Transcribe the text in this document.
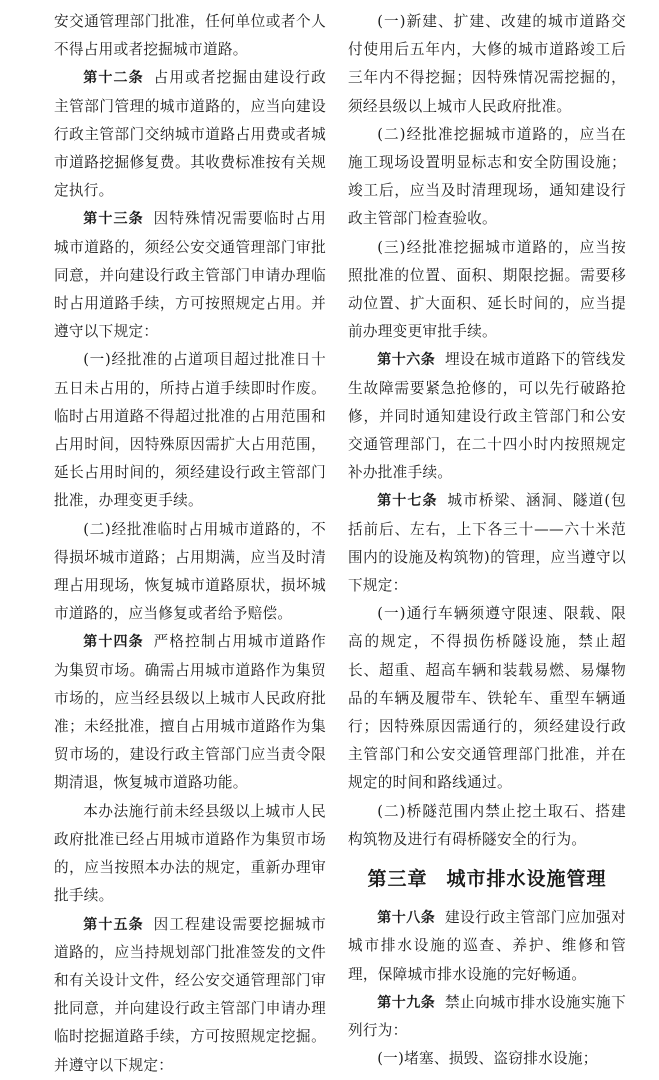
安交通管理部门批准，任何单位或者个人不得占用或者挖掘城市道路。

第十二条 占用或者挖掘由建设行政主管部门管理的城市道路的，应当向建设行政主管部门交纳城市道路占用费或者城市道路挖掘修复费。其收费标准按有关规定执行。

第十三条 因特殊情况需要临时占用城市道路的，须经公安交通管理部门审批同意，并向建设行政主管部门申请办理临时占用道路手续，方可按照规定占用。并遵守以下规定：

(一)经批准的占道项目超过批准日十五日未占用的，所持占道手续即时作废。临时占用道路不得超过批准的占用范围和占用时间，因特殊原因需扩大占用范围，延长占用时间的，须经建设行政主管部门批准，办理变更手续。

(二)经批准临时占用城市道路的，不得损坏城市道路；占用期满，应当及时清理占用现场，恢复城市道路原状，损坏城市道路的，应当修复或者给予赔偿。

第十四条 严格控制占用城市道路作为集贸市场。确需占用城市道路作为集贸市场的，应当经县级以上城市人民政府批准；未经批准，擅自占用城市道路作为集贸市场的，建设行政主管部门应当责令限期清退，恢复城市道路功能。

本办法施行前未经县级以上城市人民政府批准已经占用城市道路作为集贸市场的，应当按照本办法的规定，重新办理审批手续。

第十五条 因工程建设需要挖掘城市道路的，应当持规划部门批准签发的文件和有关设计文件，经公安交通管理部门审批同意，并向建设行政主管部门申请办理临时挖掘道路手续，方可按照规定挖掘。并遵守以下规定：

(一)新建、扩建、改建的城市道路交付使用后五年内，大修的城市道路竣工后三年内不得挖掘；因特殊情况需挖掘的，须经县级以上城市人民政府批准。

(二)经批准挖掘城市道路的，应当在施工现场设置明显标志和安全防围设施；竣工后，应当及时清理现场，通知建设行政主管部门检查验收。

(三)经批准挖掘城市道路的，应当按照批准的位置、面积、期限挖掘。需要移动位置、扩大面积、延长时间的，应当提前办理变更审批手续。

第十六条 埋设在城市道路下的管线发生故障需要紧急抢修的，可以先行破路抢修，并同时通知建设行政主管部门和公安交通管理部门，在二十四小时内按照规定补办批准手续。

第十七条 城市桥梁、涵洞、隧道(包括前后、左右，上下各三十——六十米范围内的设施及构筑物)的管理，应当遵守以下规定：

(一)通行车辆须遵守限速、限载、限高的规定，不得损伤桥隧设施，禁止超长、超重、超高车辆和装载易燃、易爆物品的车辆及履带车、铁轮车、重型车辆通行；因特殊原因需通行的，须经建设行政主管部门和公安交通管理部门批准，并在规定的时间和路线通过。

(二)桥隧范围内禁止挖土取石、搭建构筑物及进行有碍桥隧安全的行为。

第三章 城市排水设施管理

第十八条 建设行政主管部门应加强对城市排水设施的巡查、养护、维修和管理，保障城市排水设施的完好畅通。

第十九条 禁止向城市排水设施实施下列行为：

(一)堵塞、损毁、盗窃排水设施；
